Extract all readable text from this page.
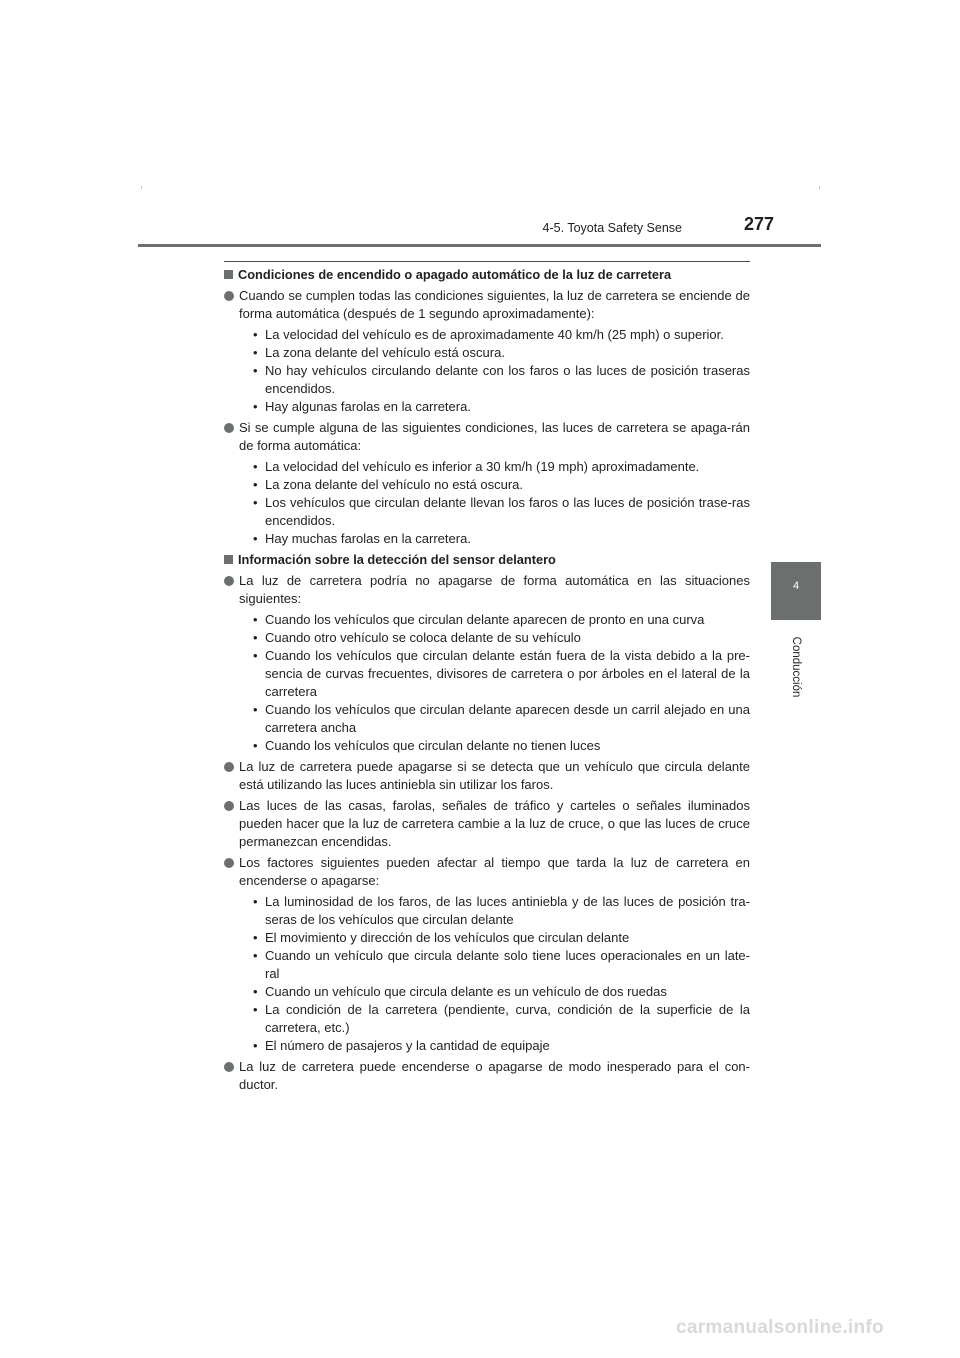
4-5. Toyota Safety Sense	277
4
Conducción
Condiciones de encendido o apagado automático de la luz de carretera
Cuando se cumplen todas las condiciones siguientes, la luz de carretera se enciende de forma automática (después de 1 segundo aproximadamente):
• La velocidad del vehículo es de aproximadamente 40 km/h (25 mph) o superior.
• La zona delante del vehículo está oscura.
• No hay vehículos circulando delante con los faros o las luces de posición traseras encendidos.
• Hay algunas farolas en la carretera.
Si se cumple alguna de las siguientes condiciones, las luces de carretera se apaga-rán de forma automática:
• La velocidad del vehículo es inferior a 30 km/h (19 mph) aproximadamente.
• La zona delante del vehículo no está oscura.
• Los vehículos que circulan delante llevan los faros o las luces de posición trase-ras encendidos.
• Hay muchas farolas en la carretera.
Información sobre la detección del sensor delantero
La luz de carretera podría no apagarse de forma automática en las situaciones siguientes:
• Cuando los vehículos que circulan delante aparecen de pronto en una curva
• Cuando otro vehículo se coloca delante de su vehículo
• Cuando los vehículos que circulan delante están fuera de la vista debido a la pre-sencia de curvas frecuentes, divisores de carretera o por árboles en el lateral de la carretera
• Cuando los vehículos que circulan delante aparecen desde un carril alejado en una carretera ancha
• Cuando los vehículos que circulan delante no tienen luces
La luz de carretera puede apagarse si se detecta que un vehículo que circula delante está utilizando las luces antiniebla sin utilizar los faros.
Las luces de las casas, farolas, señales de tráfico y carteles o señales iluminados pueden hacer que la luz de carretera cambie a la luz de cruce, o que las luces de cruce permanezcan encendidas.
Los factores siguientes pueden afectar al tiempo que tarda la luz de carretera en encenderse o apagarse:
• La luminosidad de los faros, de las luces antiniebla y de las luces de posición tra-seras de los vehículos que circulan delante
• El movimiento y dirección de los vehículos que circulan delante
• Cuando un vehículo que circula delante solo tiene luces operacionales en un late-ral
• Cuando un vehículo que circula delante es un vehículo de dos ruedas
• La condición de la carretera (pendiente, curva, condición de la superficie de la carretera, etc.)
• El número de pasajeros y la cantidad de equipaje
La luz de carretera puede encenderse o apagarse de modo inesperado para el con-ductor.
carmanualsonline.info
